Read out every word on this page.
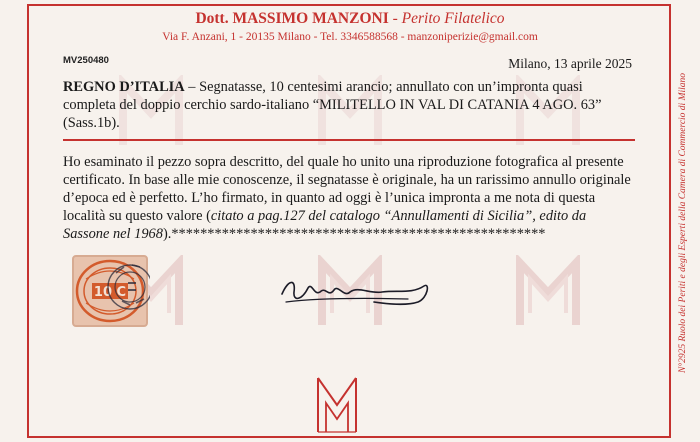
Dott. MASSIMO MANZONI - Perito Filatelico
Via F. Anzani, 1 - 20135 Milano - Tel. 3346588568 - manzoniperizie@gmail.com
MV250480	Milano, 13 aprile 2025
REGNO D’ITALIA – Segnatasse, 10 centesimi arancio; annullato con un’impronta quasi completa del doppio cerchio sardo-italiano “MILITELLO IN VAL DI CATANIA 4 AGO. 63” (Sass.1b).
Ho esaminato il pezzo sopra descritto, del quale ho unito una riproduzione fotografica al presente certificato. In base alle mie conoscenze, il segnatasse è originale, ha un rarissimo annullo originale d’epoca ed è perfetto. L’ho firmato, in quanto ad oggi è l’unica impronta a me nota di questa località su questo valore (citato a pag.127 del catalogo “Annullamenti di Sicilia”, edito da Sassone nel 1968).****************************************************
10 C	N°2925 Ruolo dei Periti e degli Esperti della Camera di Commercio di Milano
